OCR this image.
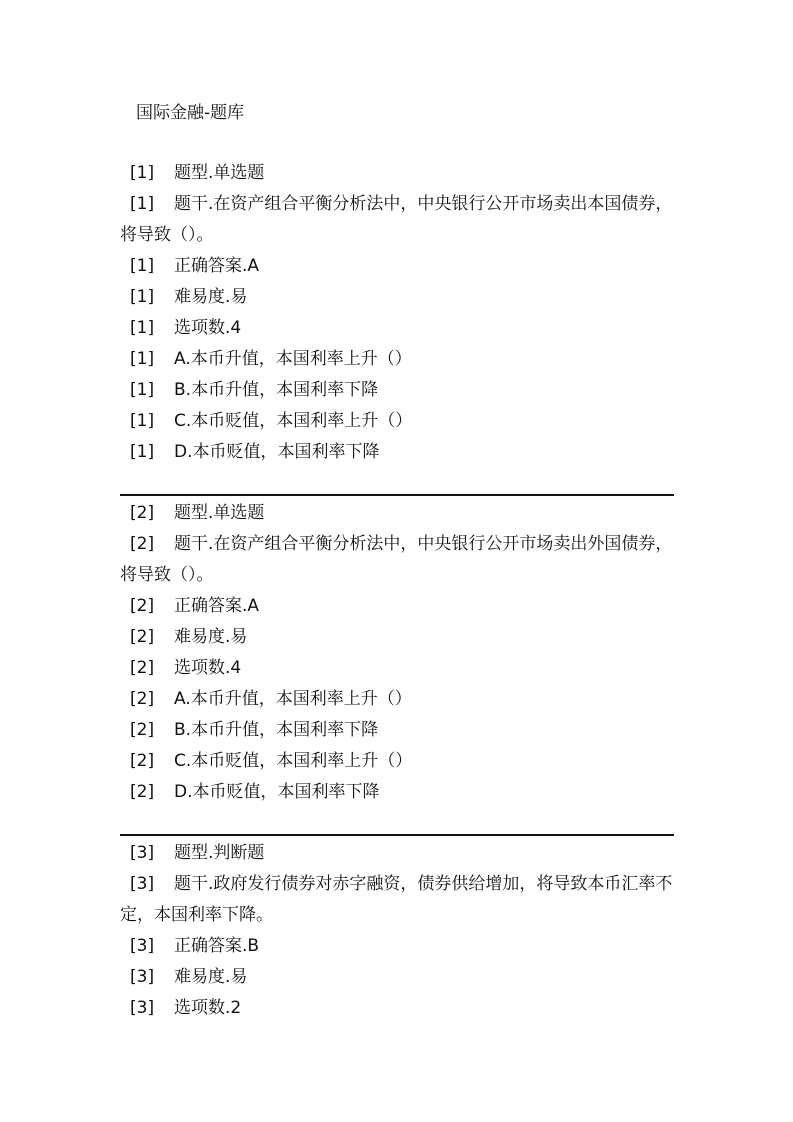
国际金融-题库
[1] 题型.单选题
[1]	题干.在资产组合平衡分析法中，中央银行公开市场卖出本国债券，将导致（）。
[1] 正确答案.A
[1] 难易度.易
[1] 选项数.4
[1] A.本币升值，本国利率上升（）
[1] B.本币升值，本国利率下降
[1] C.本币贬值，本国利率上升（）
[1] D.本币贬值，本国利率下降
[2] 题型.单选题
[2]	题干.在资产组合平衡分析法中，中央银行公开市场卖出外国债券，将导致（）。
[2] 正确答案.A
[2] 难易度.易
[2] 选项数.4
[2] A.本币升值，本国利率上升（）
[2] B.本币升值，本国利率下降
[2] C.本币贬值，本国利率上升（）
[2] D.本币贬值，本国利率下降
[3] 题型.判断题
[3]	题干.政府发行债券对赤字融资，债券供给增加，将导致本币汇率不定，本国利率下降。
[3] 正确答案.B
[3] 难易度.易
[3] 选项数.2
